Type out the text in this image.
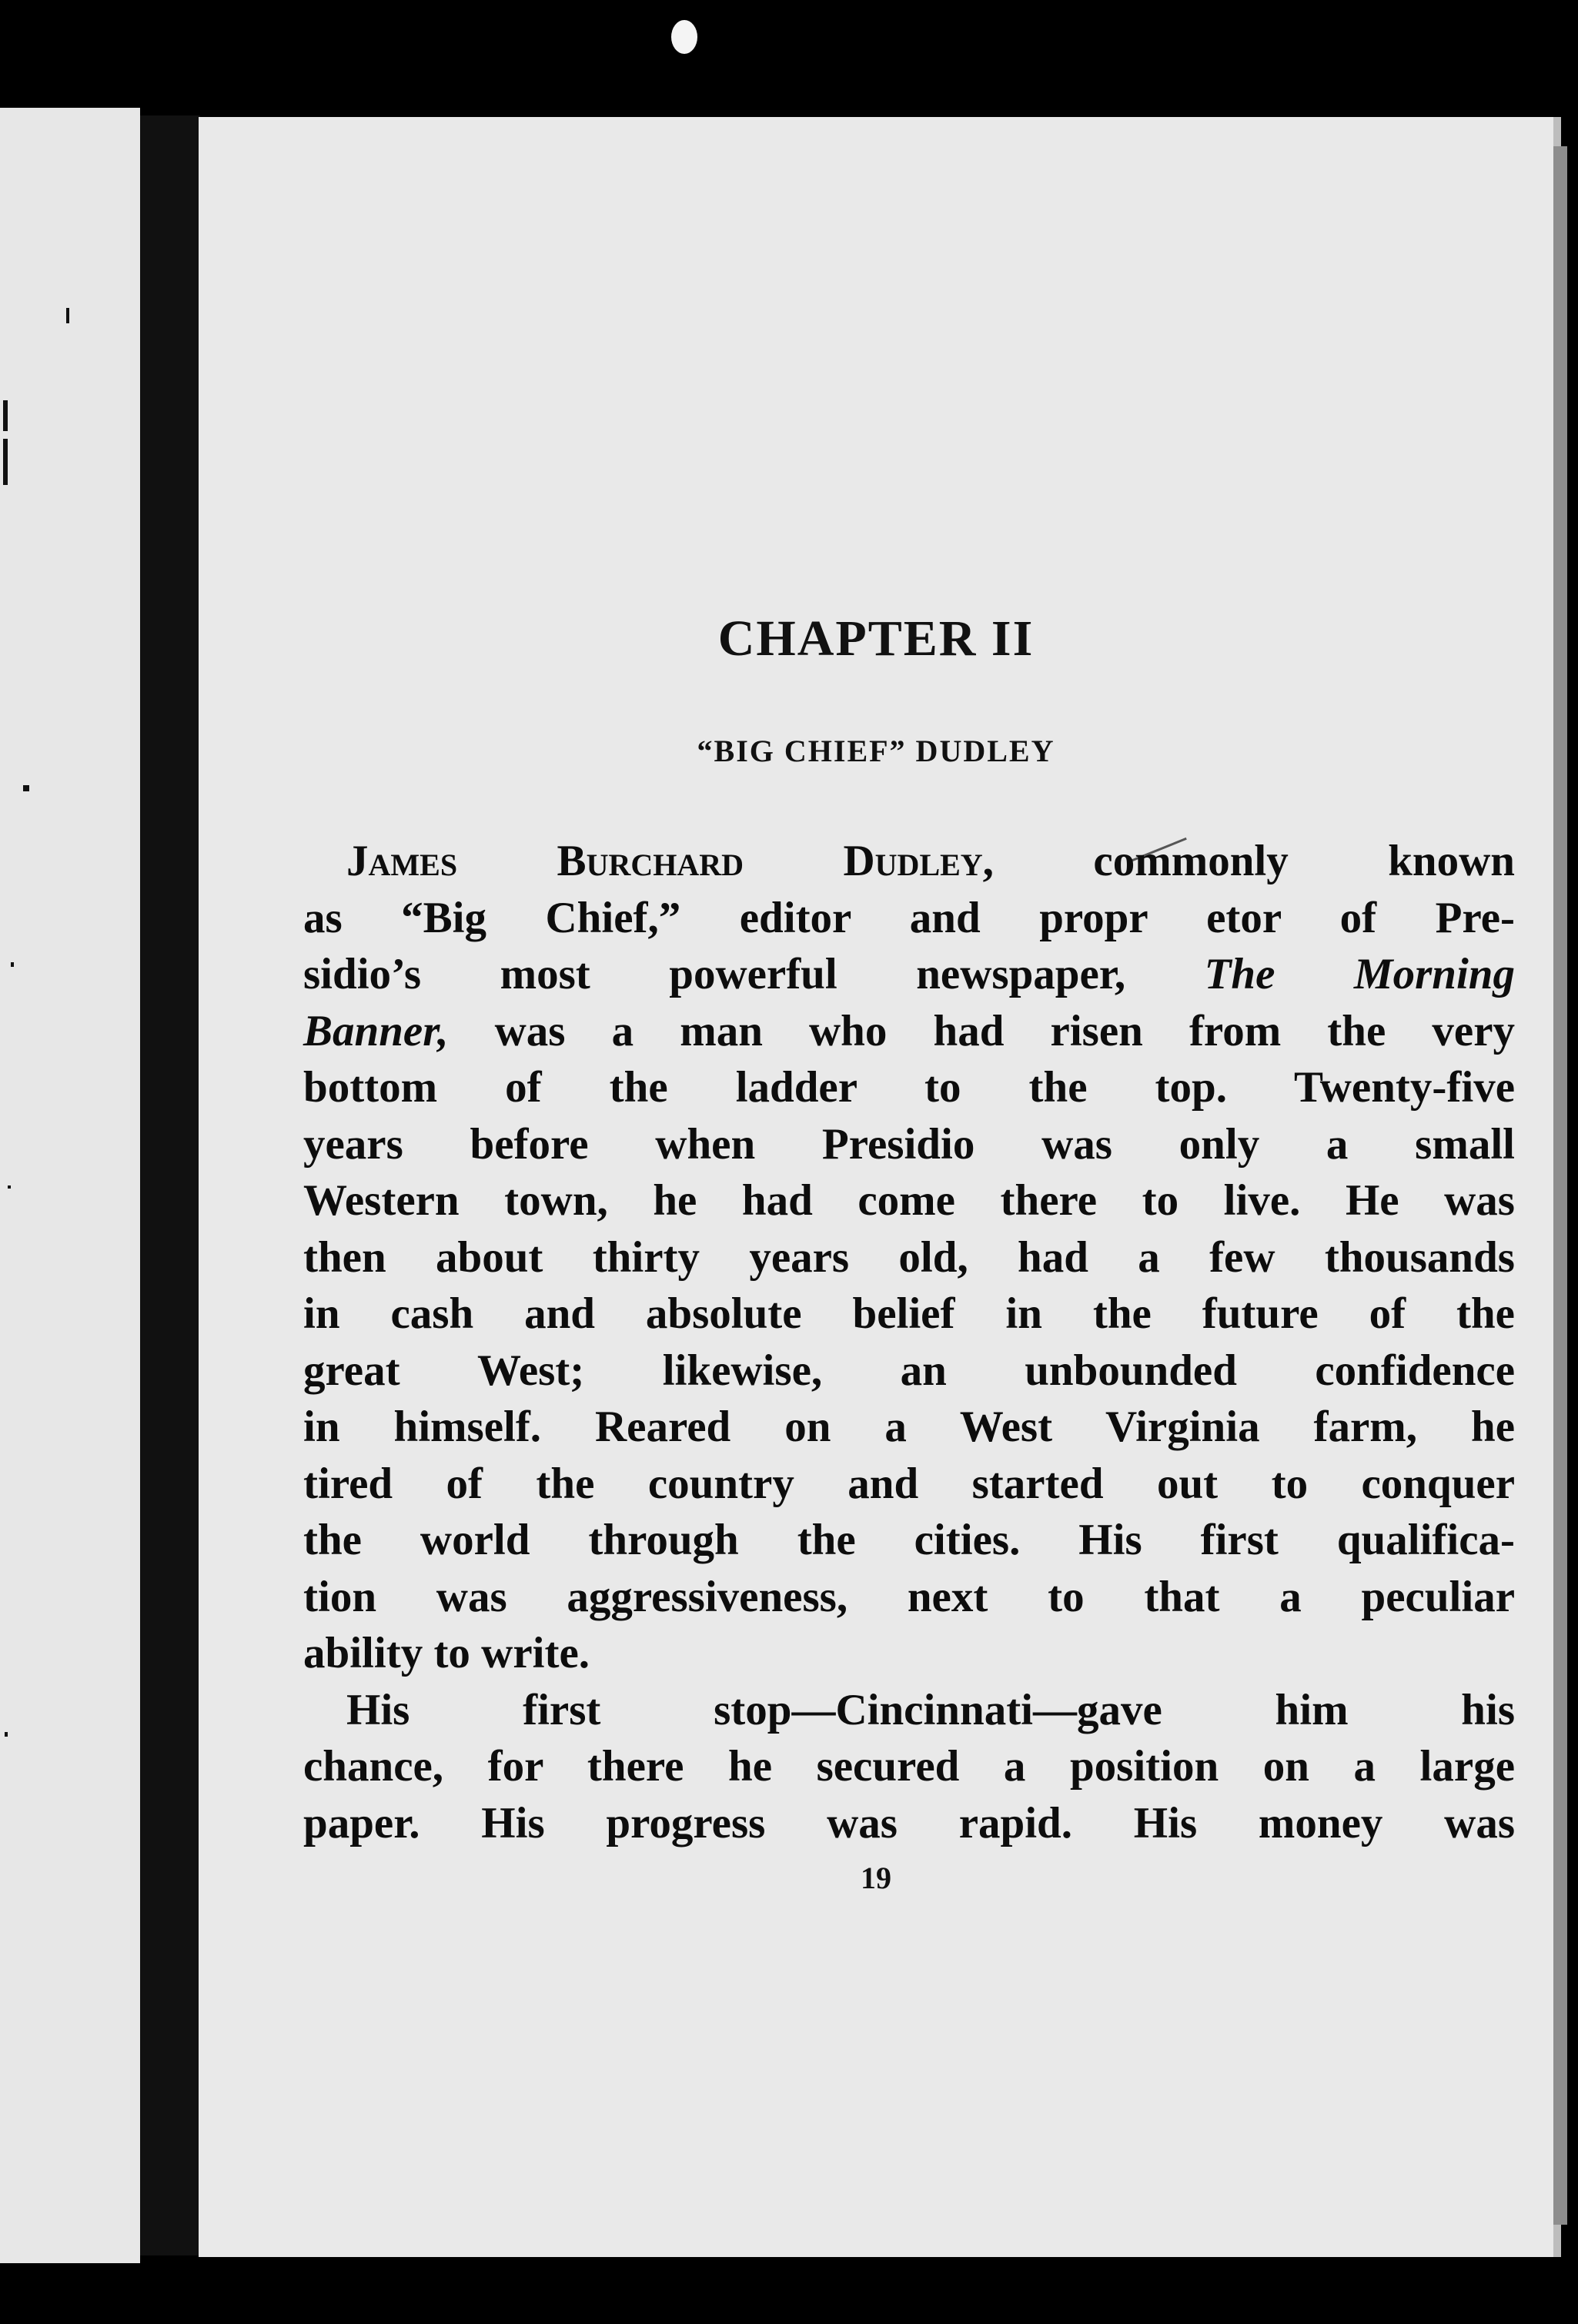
CHAPTER II
“BIG CHIEF” DUDLEY
James Burchard Dudley, commonly known
as “Big Chief,” editor and propr etor of Pre-
sidio’s most powerful newspaper, The Morning
Banner, was a man who had risen from the very
bottom of the ladder to the top. Twenty-five
years before when Presidio was only a small
Western town, he had come there to live. He was
then about thirty years old, had a few thousands
in cash and absolute belief in the future of the
great West; likewise, an unbounded confidence
in himself. Reared on a West Virginia farm, he
tired of the country and started out to conquer
the world through the cities. His first qualifica-
tion was aggressiveness, next to that a peculiar
ability to write.
His first stop—Cincinnati—gave him his
chance, for there he secured a position on a large
paper. His progress was rapid. His money was
19
